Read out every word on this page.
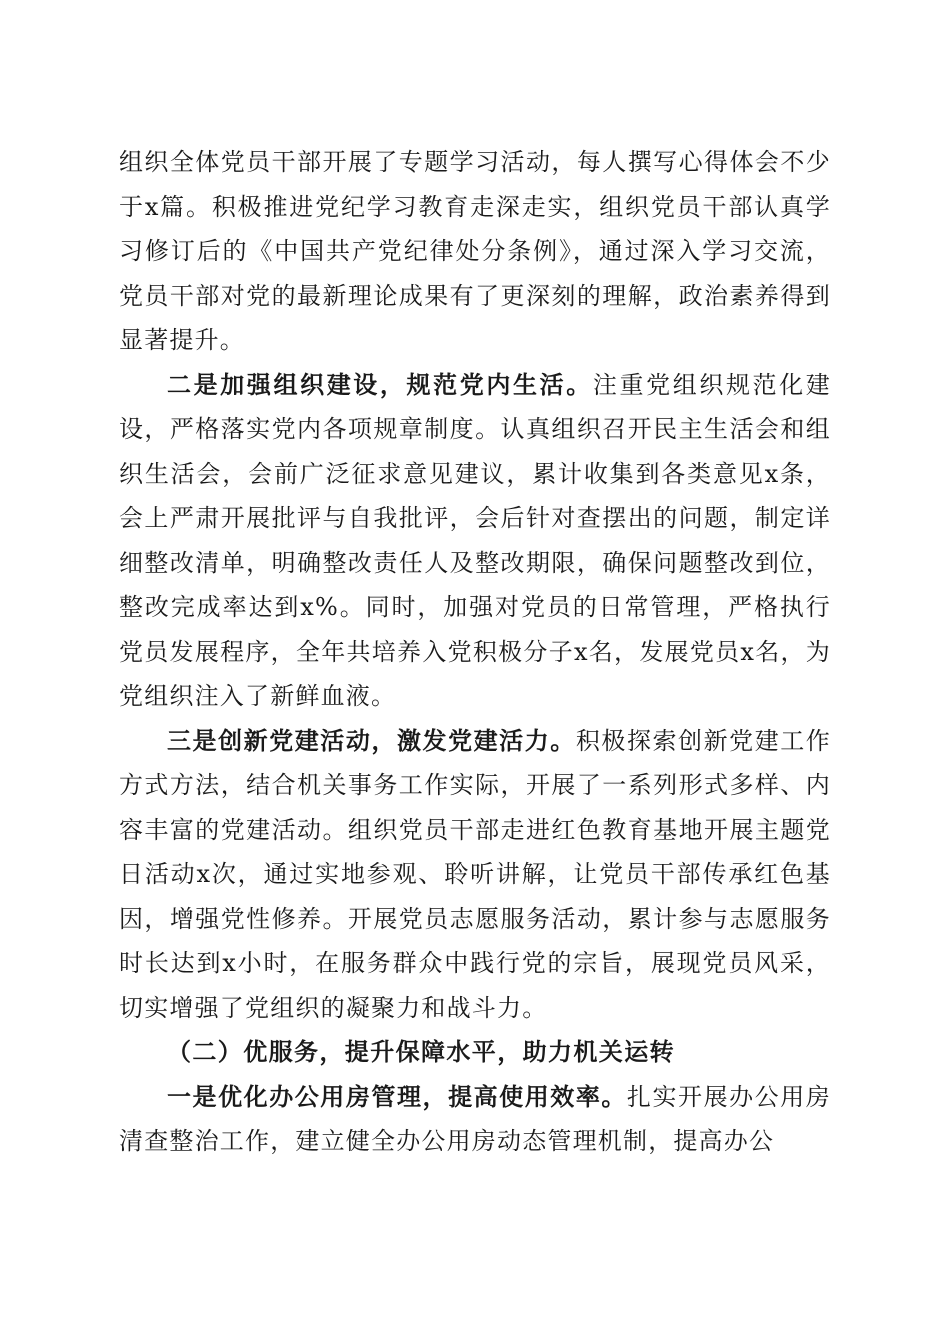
组织全体党员干部开展了专题学习活动，每人撰写心得体会不少于x篇。积极推进党纪学习教育走深走实，组织党员干部认真学习修订后的《中国共产党纪律处分条例》，通过深入学习交流，党员干部对党的最新理论成果有了更深刻的理解，政治素养得到显著提升。

二是加强组织建设，规范党内生活。注重党组织规范化建设，严格落实党内各项规章制度。认真组织召开民主生活会和组织生活会，会前广泛征求意见建议，累计收集到各类意见x条，会上严肃开展批评与自我批评，会后针对查摆出的问题，制定详细整改清单，明确整改责任人及整改期限，确保问题整改到位，整改完成率达到x%。同时，加强对党员的日常管理，严格执行党员发展程序，全年共培养入党积极分子x名，发展党员x名，为党组织注入了新鲜血液。

三是创新党建活动，激发党建活力。积极探索创新党建工作方式方法，结合机关事务工作实际，开展了一系列形式多样、内容丰富的党建活动。组织党员干部走进红色教育基地开展主题党日活动x次，通过实地参观、聆听讲解，让党员干部传承红色基因，增强党性修养。开展党员志愿服务活动，累计参与志愿服务时长达到x小时，在服务群众中践行党的宗旨，展现党员风采，切实增强了党组织的凝聚力和战斗力。

（二）优服务，提升保障水平，助力机关运转

一是优化办公用房管理，提高使用效率。扎实开展办公用房清查整治工作，建立健全办公用房动态管理机制，提高办公
